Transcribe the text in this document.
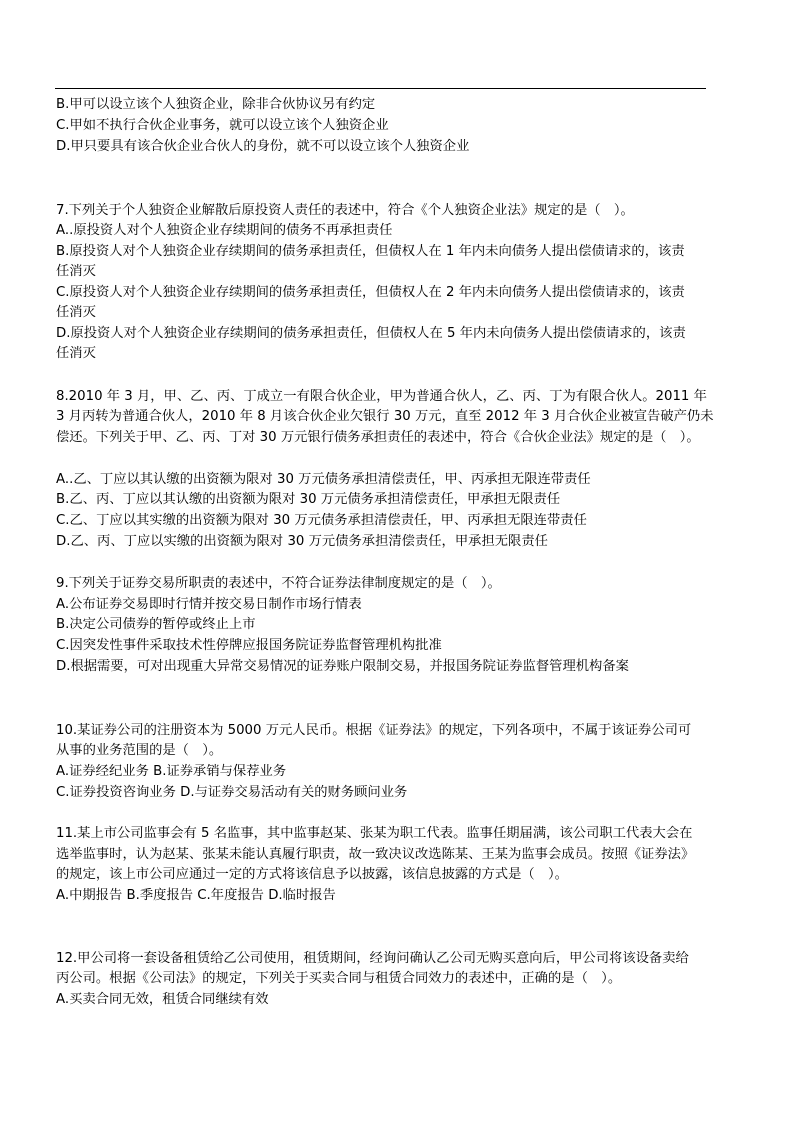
B.甲可以设立该个人独资企业，除非合伙协议另有约定
C.甲如不执行合伙企业事务，就可以设立该个人独资企业
D.甲只要具有该合伙企业合伙人的身份，就不可以设立该个人独资企业
7.下列关于个人独资企业解散后原投资人责任的表述中，符合《个人独资企业法》规定的是（　）。
A..原投资人对个人独资企业存续期间的债务不再承担责任
B.原投资人对个人独资企业存续期间的债务承担责任，但债权人在 1 年内未向债务人提出偿债请求的，该责
任消灭
C.原投资人对个人独资企业存续期间的债务承担责任，但债权人在 2 年内未向债务人提出偿债请求的，该责
任消灭
D.原投资人对个人独资企业存续期间的债务承担责任，但债权人在 5 年内未向债务人提出偿债请求的，该责
任消灭
8.2010 年 3 月，甲、乙、丙、丁成立一有限合伙企业，甲为普通合伙人，乙、丙、丁为有限合伙人。2011 年
3 月丙转为普通合伙人，2010 年 8 月该合伙企业欠银行 30 万元，直至 2012 年 3 月合伙企业被宣告破产仍未
偿还。下列关于甲、乙、丙、丁对 30 万元银行债务承担责任的表述中，符合《合伙企业法》规定的是（　）。
A..乙、丁应以其认缴的出资额为限对 30 万元债务承担清偿责任，甲、丙承担无限连带责任
B.乙、丙、丁应以其认缴的出资额为限对 30 万元债务承担清偿责任，甲承担无限责任
C.乙、丁应以其实缴的出资额为限对 30 万元债务承担清偿责任，甲、丙承担无限连带责任
D.乙、丙、丁应以实缴的出资额为限对 30 万元债务承担清偿责任，甲承担无限责任
9.下列关于证券交易所职责的表述中，不符合证券法律制度规定的是（　）。
A.公布证券交易即时行情并按交易日制作市场行情表
B.决定公司债券的暂停或终止上市
C.因突发性事件采取技术性停牌应报国务院证券监督管理机构批准
D.根据需要，可对出现重大异常交易情况的证券账户限制交易，并报国务院证券监督管理机构备案
10.某证券公司的注册资本为 5000 万元人民币。根据《证券法》的规定，下列各项中，不属于该证券公司可
从事的业务范围的是（　）。
A.证券经纪业务 B.证券承销与保荐业务
C.证券投资咨询业务 D.与证券交易活动有关的财务顾问业务
11.某上市公司监事会有 5 名监事，其中监事赵某、张某为职工代表。监事任期届满，该公司职工代表大会在
选举监事时，认为赵某、张某未能认真履行职责，故一致决议改选陈某、王某为监事会成员。按照《证券法》
的规定，该上市公司应通过一定的方式将该信息予以披露，该信息披露的方式是（　）。
A.中期报告 B.季度报告 C.年度报告 D.临时报告
12.甲公司将一套设备租赁给乙公司使用，租赁期间，经询问确认乙公司无购买意向后，甲公司将该设备卖给
丙公司。根据《公司法》的规定，下列关于买卖合同与租赁合同效力的表述中，正确的是（　）。
A.买卖合同无效，租赁合同继续有效
